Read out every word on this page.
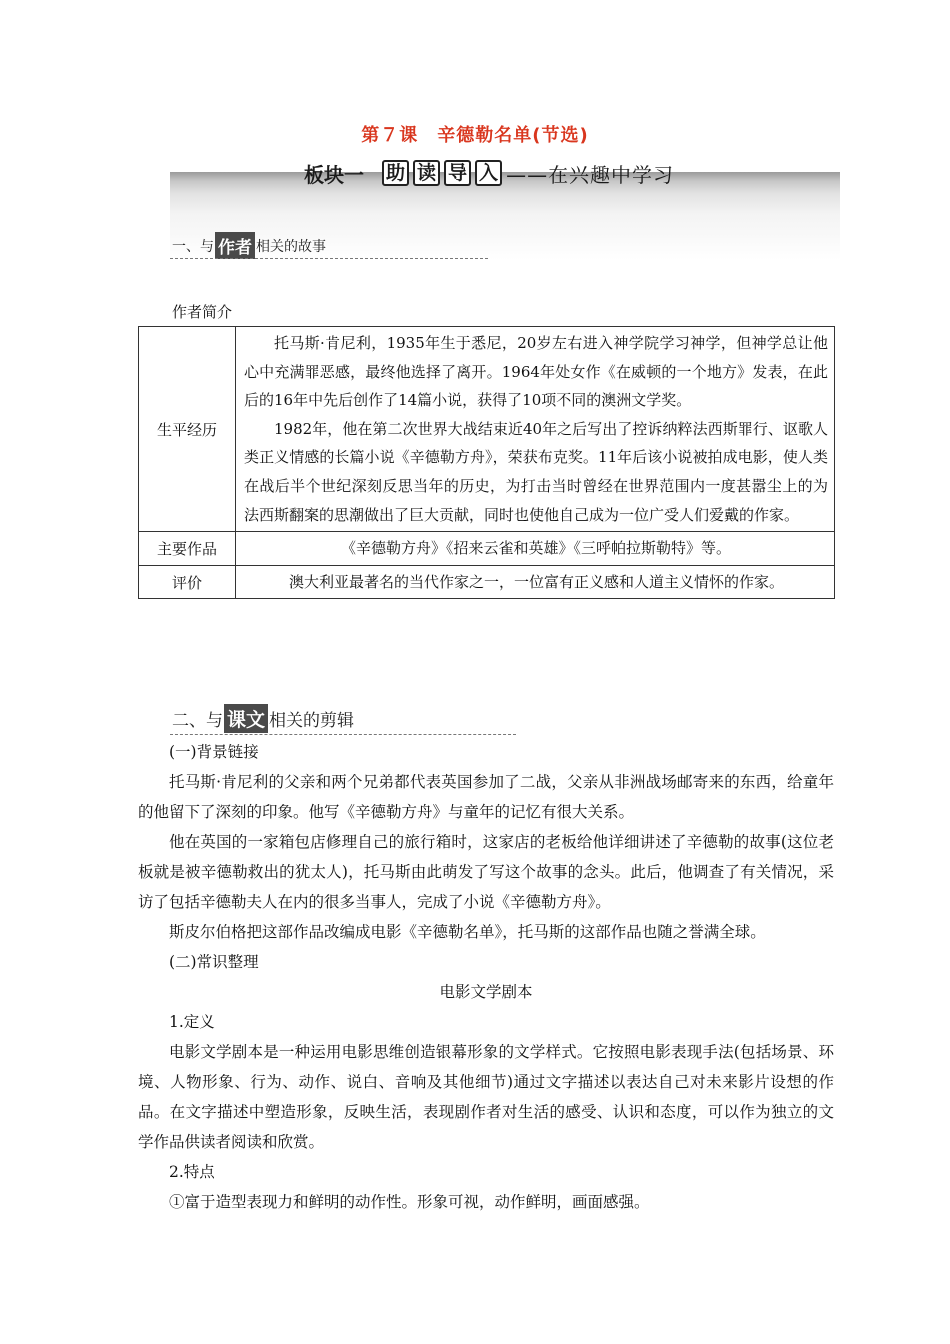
第７课　辛德勒名单(节选)
板块一 助 读 导 入 ——在兴趣中学习
一、与 作者 相关的故事
作者简介
生平经历	托马斯·肯尼利，1935年生于悉尼，20岁左右进入神学院学习神学，但神学总让他心中充满罪恶感，最终他选择了离开。1964年处女作《在威顿的一个地方》发表，在此后的16年中先后创作了14篇小说，获得了10项不同的澳洲文学奖。

1982年，他在第二次世界大战结束近40年之后写出了控诉纳粹法西斯罪行、讴歌人类正义情感的长篇小说《辛德勒方舟》，荣获布克奖。11年后该小说被拍成电影，使人类在战后半个世纪深刻反思当年的历史，为打击当时曾经在世界范围内一度甚嚣尘上的为法西斯翻案的思潮做出了巨大贡献，同时也使他自己成为一位广受人们爱戴的作家。

主要作品	《辛德勒方舟》《招来云雀和英雄》《三呼帕拉斯勒特》等。
评价	澳大利亚最著名的当代作家之一，一位富有正义感和人道主义情怀的作家。

二、与 课文 相关的剪辑

(一)背景链接

托马斯·肯尼利的父亲和两个兄弟都代表英国参加了二战，父亲从非洲战场邮寄来的东西，给童年的他留下了深刻的印象。他写《辛德勒方舟》与童年的记忆有很大关系。

他在英国的一家箱包店修理自己的旅行箱时，这家店的老板给他详细讲述了辛德勒的故事(这位老板就是被辛德勒救出的犹太人)，托马斯由此萌发了写这个故事的念头。此后，他调查了有关情况，采访了包括辛德勒夫人在内的很多当事人，完成了小说《辛德勒方舟》。

斯皮尔伯格把这部作品改编成电影《辛德勒名单》，托马斯的这部作品也随之誉满全球。

(二)常识整理

电影文学剧本

1.定义

电影文学剧本是一种运用电影思维创造银幕形象的文学样式。它按照电影表现手法(包括场景、环境、人物形象、行为、动作、说白、音响及其他细节)通过文字描述以表达自己对未来影片设想的作品。在文字描述中塑造形象，反映生活，表现剧作者对生活的感受、认识和态度，可以作为独立的文学作品供读者阅读和欣赏。

2.特点

①富于造型表现力和鲜明的动作性。形象可视，动作鲜明，画面感强。
